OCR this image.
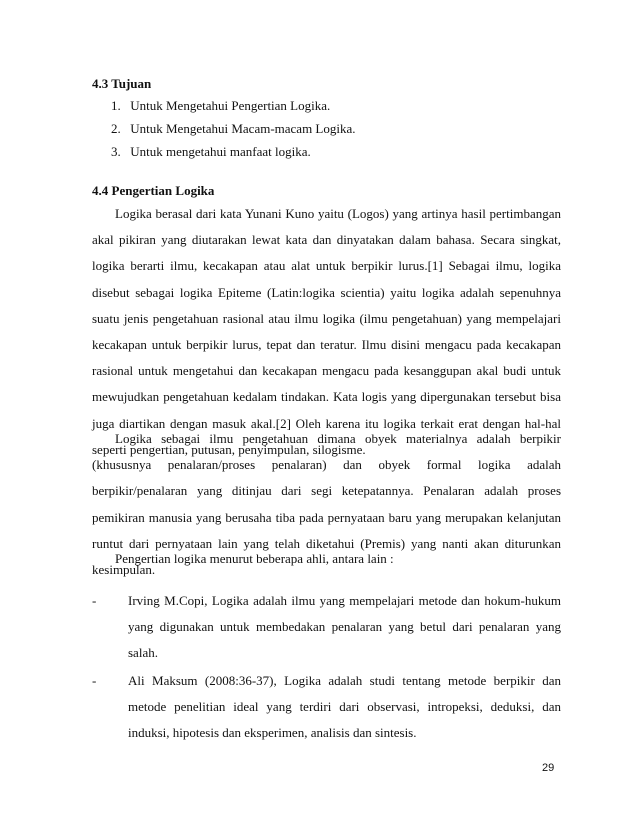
4.3 Tujuan
1. Untuk Mengetahui Pengertian Logika.
2. Untuk Mengetahui Macam-macam Logika.
3. Untuk mengetahui manfaat logika.
4.4 Pengertian Logika

Logika berasal dari kata Yunani Kuno yaitu (Logos) yang artinya hasil pertimbangan akal pikiran yang diutarakan lewat kata dan dinyatakan dalam bahasa. Secara singkat, logika berarti ilmu, kecakapan atau alat untuk berpikir lurus.[1] Sebagai ilmu, logika disebut sebagai logika Epiteme (Latin:logika scientia) yaitu logika adalah sepenuhnya suatu jenis pengetahuan rasional atau ilmu logika (ilmu pengetahuan) yang mempelajari kecakapan untuk berpikir lurus, tepat dan teratur. Ilmu disini mengacu pada kecakapan rasional untuk mengetahui dan kecakapan mengacu pada kesanggupan akal budi untuk mewujudkan pengetahuan kedalam tindakan. Kata logis yang dipergunakan tersebut bisa juga diartikan dengan masuk akal.[2] Oleh karena itu logika terkait erat dengan hal-hal seperti pengertian, putusan, penyimpulan, silogisme.

Logika sebagai ilmu pengetahuan dimana obyek materialnya adalah berpikir (khususnya penalaran/proses penalaran) dan obyek formal logika adalah berpikir/penalaran yang ditinjau dari segi ketepatannya. Penalaran adalah proses pemikiran manusia yang berusaha tiba pada pernyataan baru yang merupakan kelanjutan runtut dari pernyataan lain yang telah diketahui (Premis) yang nanti akan diturunkan kesimpulan.

Pengertian logika menurut beberapa ahli, antara lain :
- Irving M.Copi, Logika adalah ilmu yang mempelajari metode dan hokum-hukum yang digunakan untuk membedakan penalaran yang betul dari penalaran yang salah.
- Ali Maksum (2008:36-37), Logika adalah studi tentang metode berpikir dan metode penelitian ideal yang terdiri dari observasi, intropeksi, deduksi, dan induksi, hipotesis dan eksperimen, analisis dan sintesis.
29
